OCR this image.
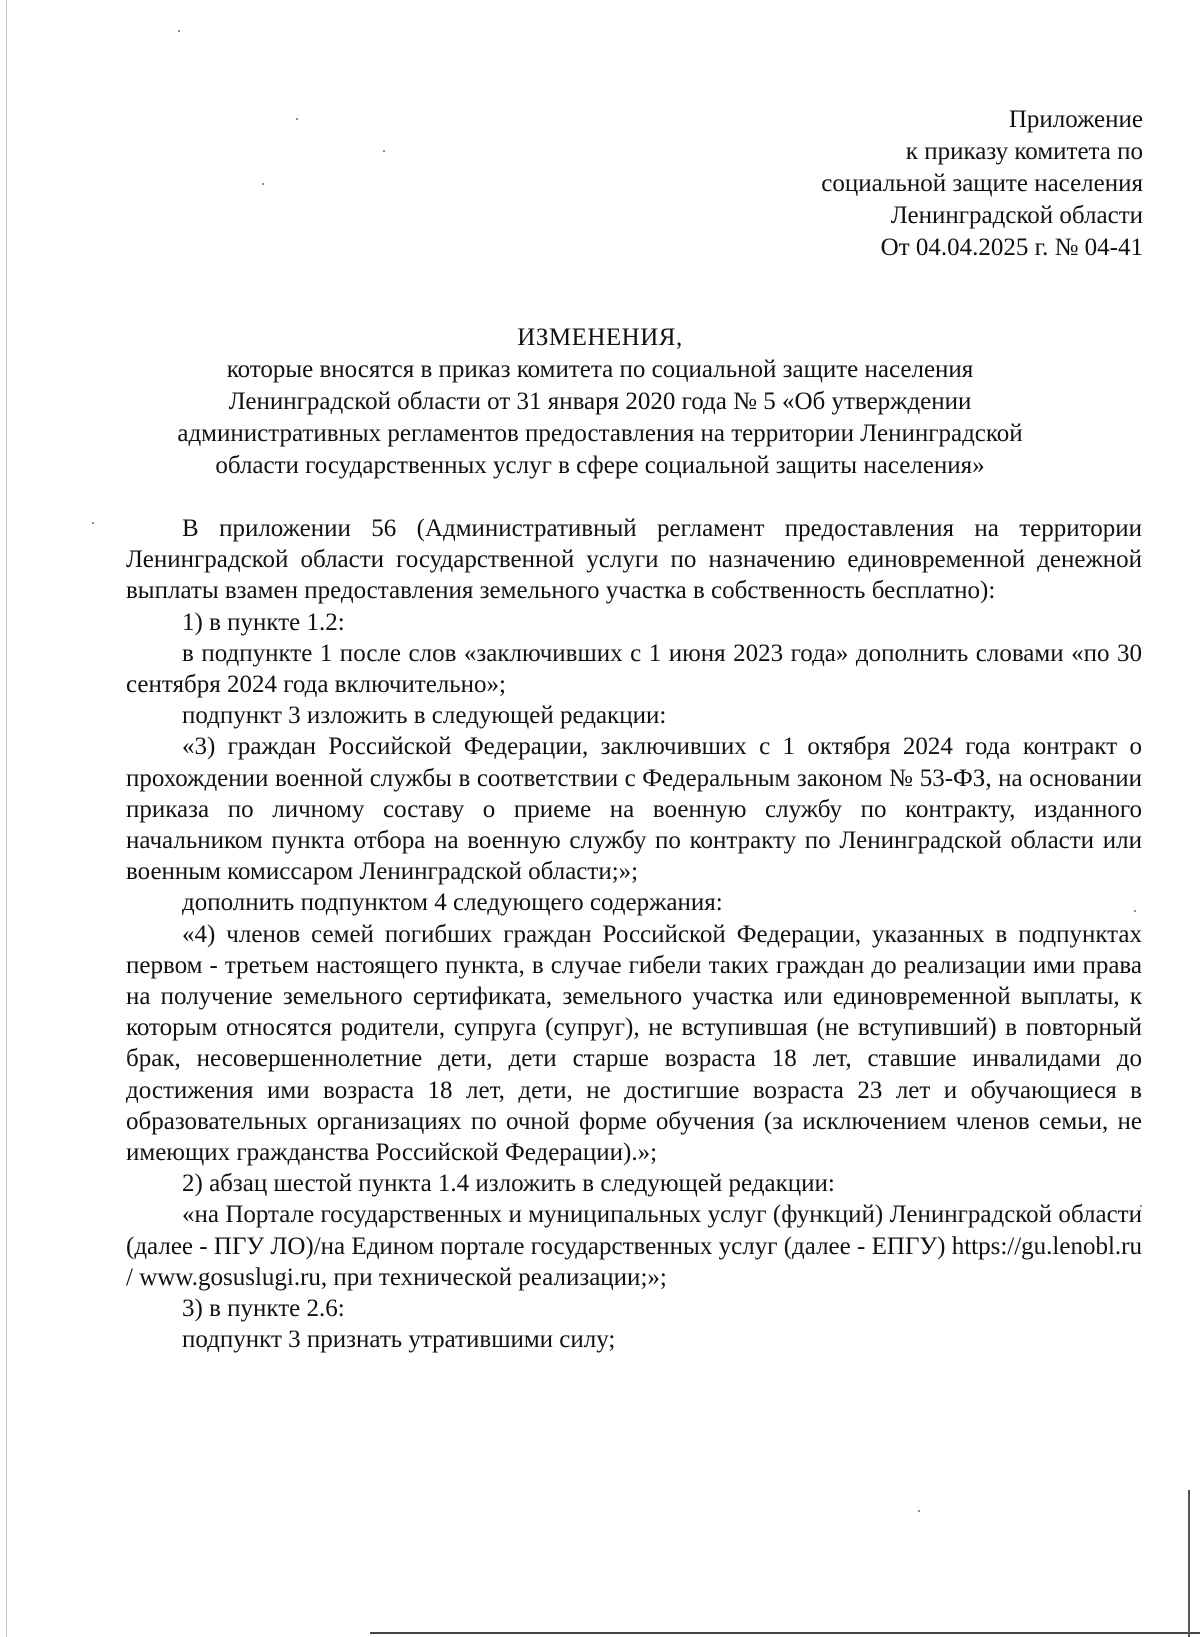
Приложение
к приказу комитета по
социальной защите населения
Ленинградской области
От 04.04.2025 г. № 04-41
ИЗМЕНЕНИЯ,
которые вносятся в приказ комитета по социальной защите населения
Ленинградской области от 31 января 2020 года № 5 «Об утверждении
административных регламентов предоставления на территории Ленинградской
области государственных услуг в сфере социальной защиты населения»

В приложении 56 (Административный регламент предоставления на территории Ленинградской области государственной услуги по назначению единовременной денежной выплаты взамен предоставления земельного участка в собственность бесплатно):

1) в пункте 1.2:

в подпункте 1 после слов «заключивших с 1 июня 2023 года» дополнить словами «по 30 сентября 2024 года включительно»;

подпункт 3 изложить в следующей редакции:

«3) граждан Российской Федерации, заключивших с 1 октября 2024 года контракт о прохождении военной службы в соответствии с Федеральным законом № 53-ФЗ, на основании приказа по личному составу о приеме на военную службу по контракту, изданного начальником пункта отбора на военную службу по контракту по Ленинградской области или военным комиссаром Ленинградской области;»;

дополнить подпунктом 4 следующего содержания:

«4) членов семей погибших граждан Российской Федерации, указанных в подпунктах первом - третьем настоящего пункта, в случае гибели таких граждан до реализации ими права на получение земельного сертификата, земельного участка или единовременной выплаты, к которым относятся родители, супруга (супруг), не вступившая (не вступивший) в повторный брак, несовершеннолетние дети, дети старше возраста 18 лет, ставшие инвалидами до достижения ими возраста 18 лет, дети, не достигшие возраста 23 лет и обучающиеся в образовательных организациях по очной форме обучения (за исключением членов семьи, не имеющих гражданства Российской Федерации).»;

2) абзац шестой пункта 1.4 изложить в следующей редакции:

«на Портале государственных и муниципальных услуг (функций) Ленинградской области (далее - ПГУ ЛО)/на Едином портале государственных услуг (далее - ЕПГУ) https://gu.lenobl.ru / www.gosuslugi.ru, при технической реализации;»;

3) в пункте 2.6:

подпункт 3 признать утратившими силу;
